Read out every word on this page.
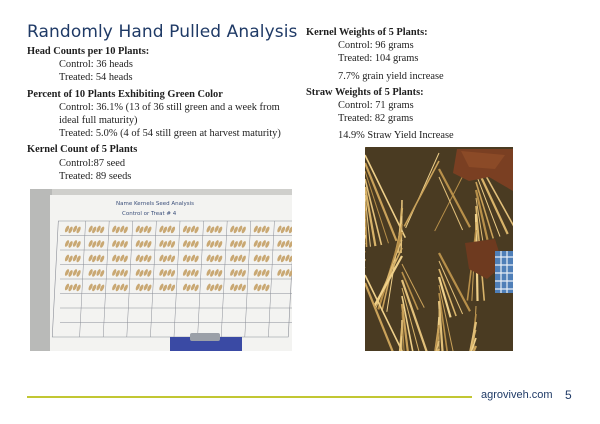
Randomly Hand Pulled Analysis
Head Counts per 10 Plants:
Control: 36 heads
Treated: 54 heads
Percent of 10 Plants Exhibiting Green Color
Control: 36.1% (13 of 36 still green and a week from ideal full maturity)
Treated: 5.0% (4 of 54 still green at harvest maturity)
Kernel Count of 5 Plants
Control:87 seed
Treated: 89 seeds
Kernel Weights of 5 Plants:
Control: 96 grams
Treated: 104 grams
7.7% grain yield increase
Straw Weights of 5 Plants:
Control: 71 grams
Treated: 82 grams
14.9% Straw Yield Increase
Name Kernels Seed Analysis
Control or Treat # 4
agroviveh.com 5
